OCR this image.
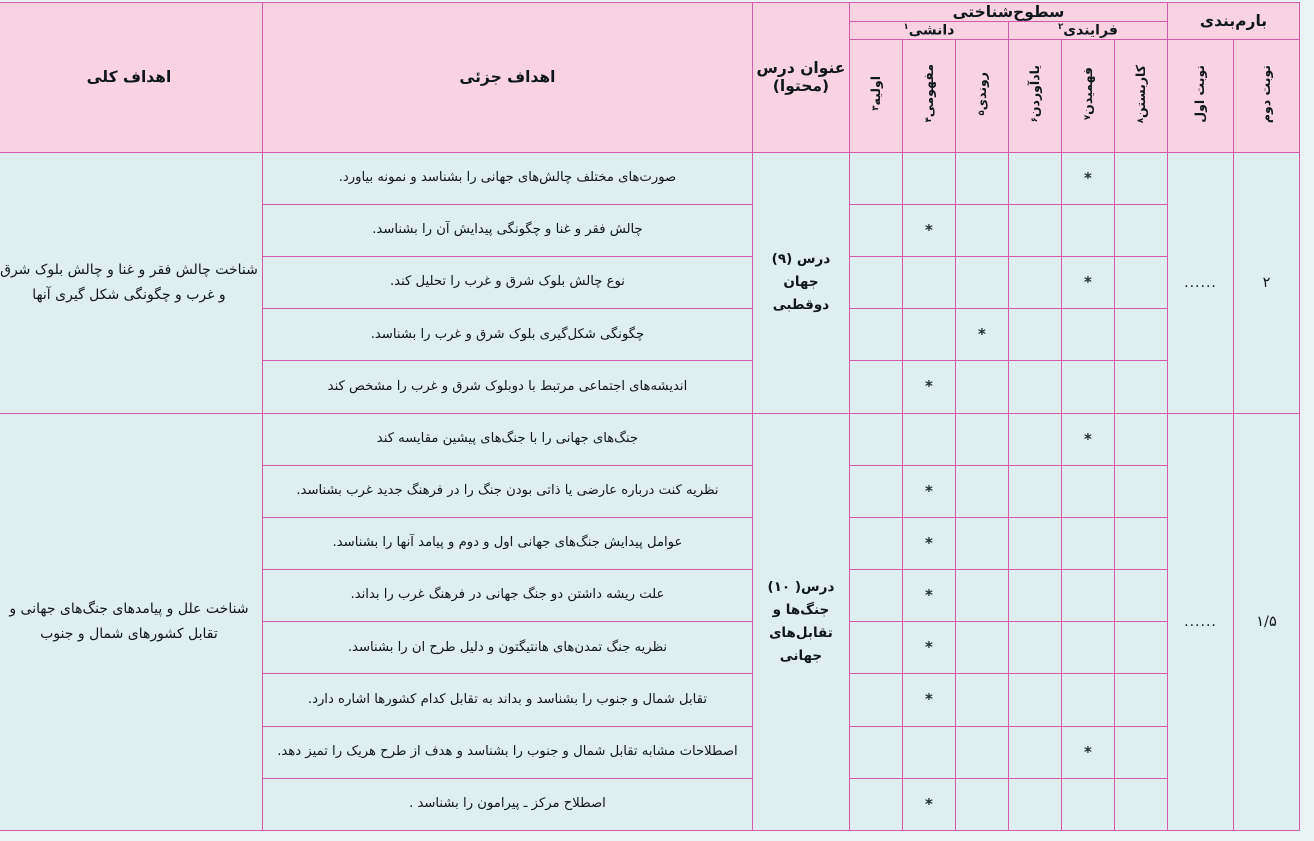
بارم‌بندی		سطوح‌شناختی						عنوان درس (محتوا)	اهداف جزئی	اهداف کلی
		فرایندی$^۲$			دانشی$^۱$
نوبت دوم	نوبت اول	کاربستن۸	فهمیدن۷	یادآوردن۶	روندی۵	مفهومی۴	اولیه۳			
۲	......		*					درس (۹) جهان دوقطبی	صورت‌های مختلف چالش‌های جهانی را بشناسد و نمونه بیاورد.	شناخت چالش فقر و غنا و چالش بلوک شرق و غرب و چگونگی شکل گیری آنها
						*			چالش فقر و غنا و چگونگی پیدایش آن را بشناسد.	
			*						نوع چالش بلوک شرق و غرب را تحلیل کند.	
					*				چگونگی شکل‌گیری بلوک شرق و غرب را بشناسد.	
						*			اندیشه‌های اجتماعی مرتبط با دوبلوک شرق و غرب را مشخص کند	
۱/۵	......		*					درس( ۱۰) جنگ‌ها و تقابل‌های جهانی	جنگ‌های جهانی را با جنگ‌های پیشین مقایسه کند	شناخت علل و پیامدهای جنگ‌های جهانی و
تقابل کشورهای شمال و جنوب
						*			نظریه کنت درباره عارضی یا ذاتی بودن جنگ را در فرهنگ جدید غرب بشناسد.	
						*			عوامل پیدایش جنگ‌های جهانی اول و دوم و پیامد آنها را بشناسد.	
						*			علت ریشه داشتن دو جنگ جهانی در فرهنگ غرب را بداند.	
						*			نظریه جنگ تمدن‌های هانتیگتون و دلیل طرح ان را بشناسد.	
						*			تقابل شمال و جنوب را بشناسد و بداند به تقابل کدام کشورها اشاره دارد.	
			*						اصطلاحات مشابه تقابل شمال و جنوب را بشناسد و هدف از طرح هریک را تمیز دهد.	
						*			اصطلاح مرکز ـ پیرامون را بشناسد .	
